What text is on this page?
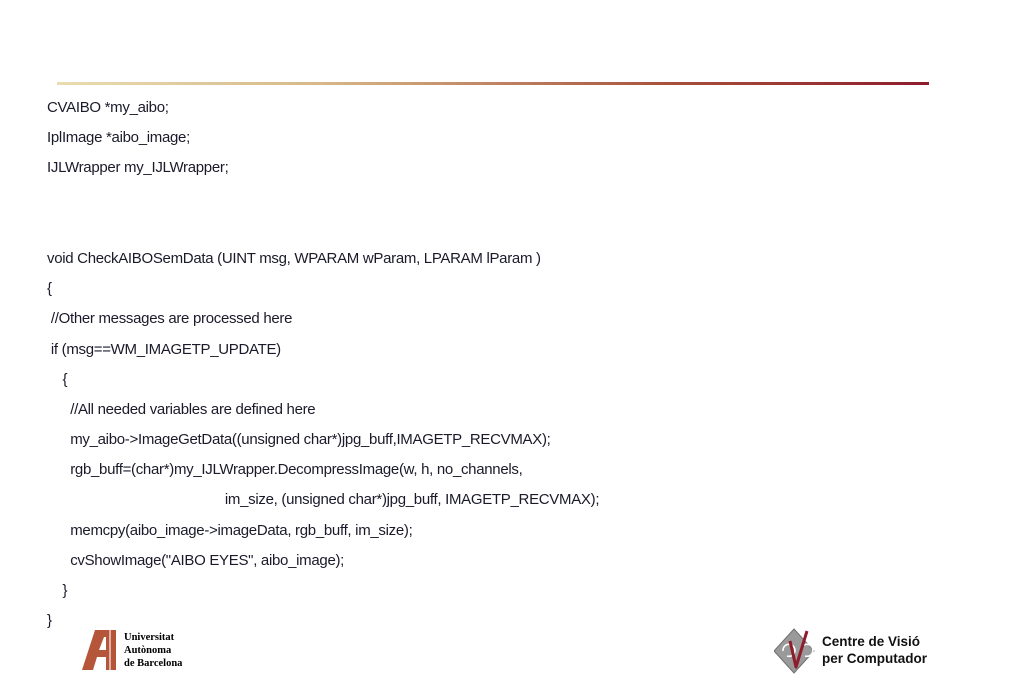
CVAIBO *my_aibo;
IplImage *aibo_image;
IJLWrapper my_IJLWrapper;
void CheckAIBOSemData (UINT msg, WPARAM wParam, LPARAM lParam )
{
//Other messages are processed here
if (msg==WM_IMAGETP_UPDATE)
{
//All needed variables are defined here
my_aibo->ImageGetData((unsigned char*)jpg_buff,IMAGETP_RECVMAX);
rgb_buff=(char*)my_IJLWrapper.DecompressImage(w, h, no_channels,
im_size, (unsigned char*)jpg_buff, IMAGETP_RECVMAX);
memcpy(aibo_image->imageData, rgb_buff, im_size);
cvShowImage("AIBO EYES", aibo_image);
}
}
Universitat
Autònoma
de Barcelona
Centre de Visió
per Computador
